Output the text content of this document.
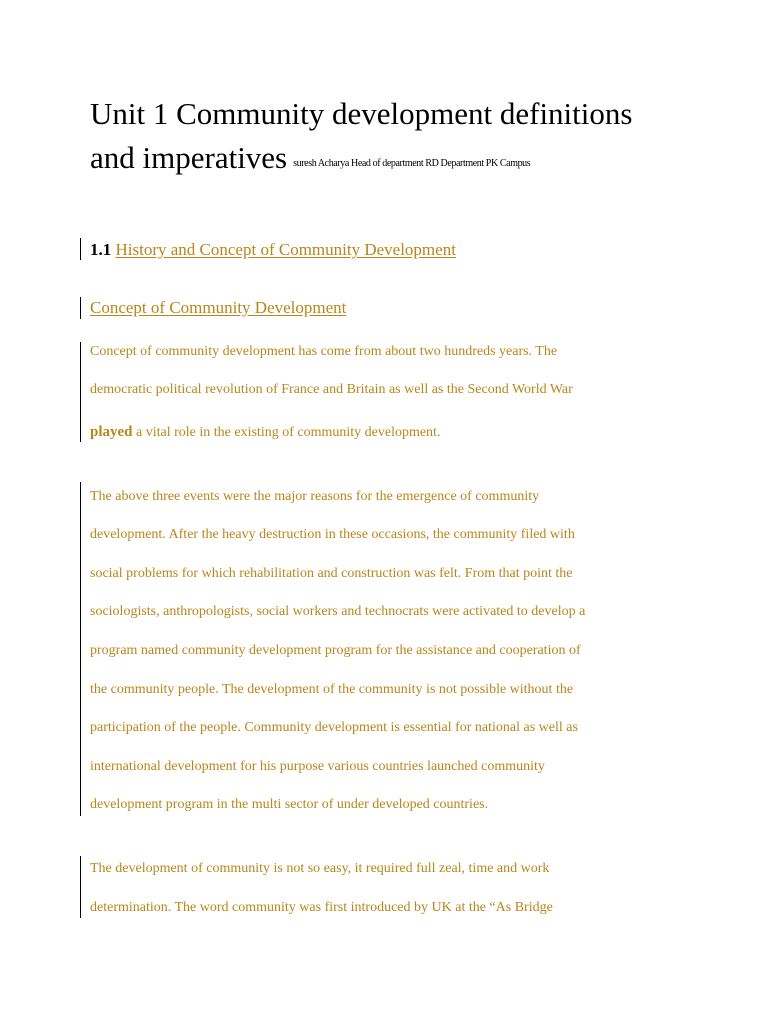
Unit 1 Community development definitions
and imperatives suresh Acharya Head of department RD Department PK Campus
1.1 History and Concept of Community Development
Concept of Community Development
Concept of community development has come from about two hundreds years. The
democratic political revolution of France and Britain as well as the Second World War
played a vital role in the existing of community development.
The above three events were the major reasons for the emergence of community
development. After the heavy destruction in these occasions, the community filed with
social problems for which rehabilitation and construction was felt. From that point the
sociologists, anthropologists, social workers and technocrats were activated to develop a
program named community development program for the assistance and cooperation of
the community people. The development of the community is not possible without the
participation of the people. Community development is essential for national as well as
international development for his purpose various countries launched community
development program in the multi sector of under developed countries.
The development of community is not so easy, it required full zeal, time and work
determination. The word community was first introduced by UK at the “As Bridge
